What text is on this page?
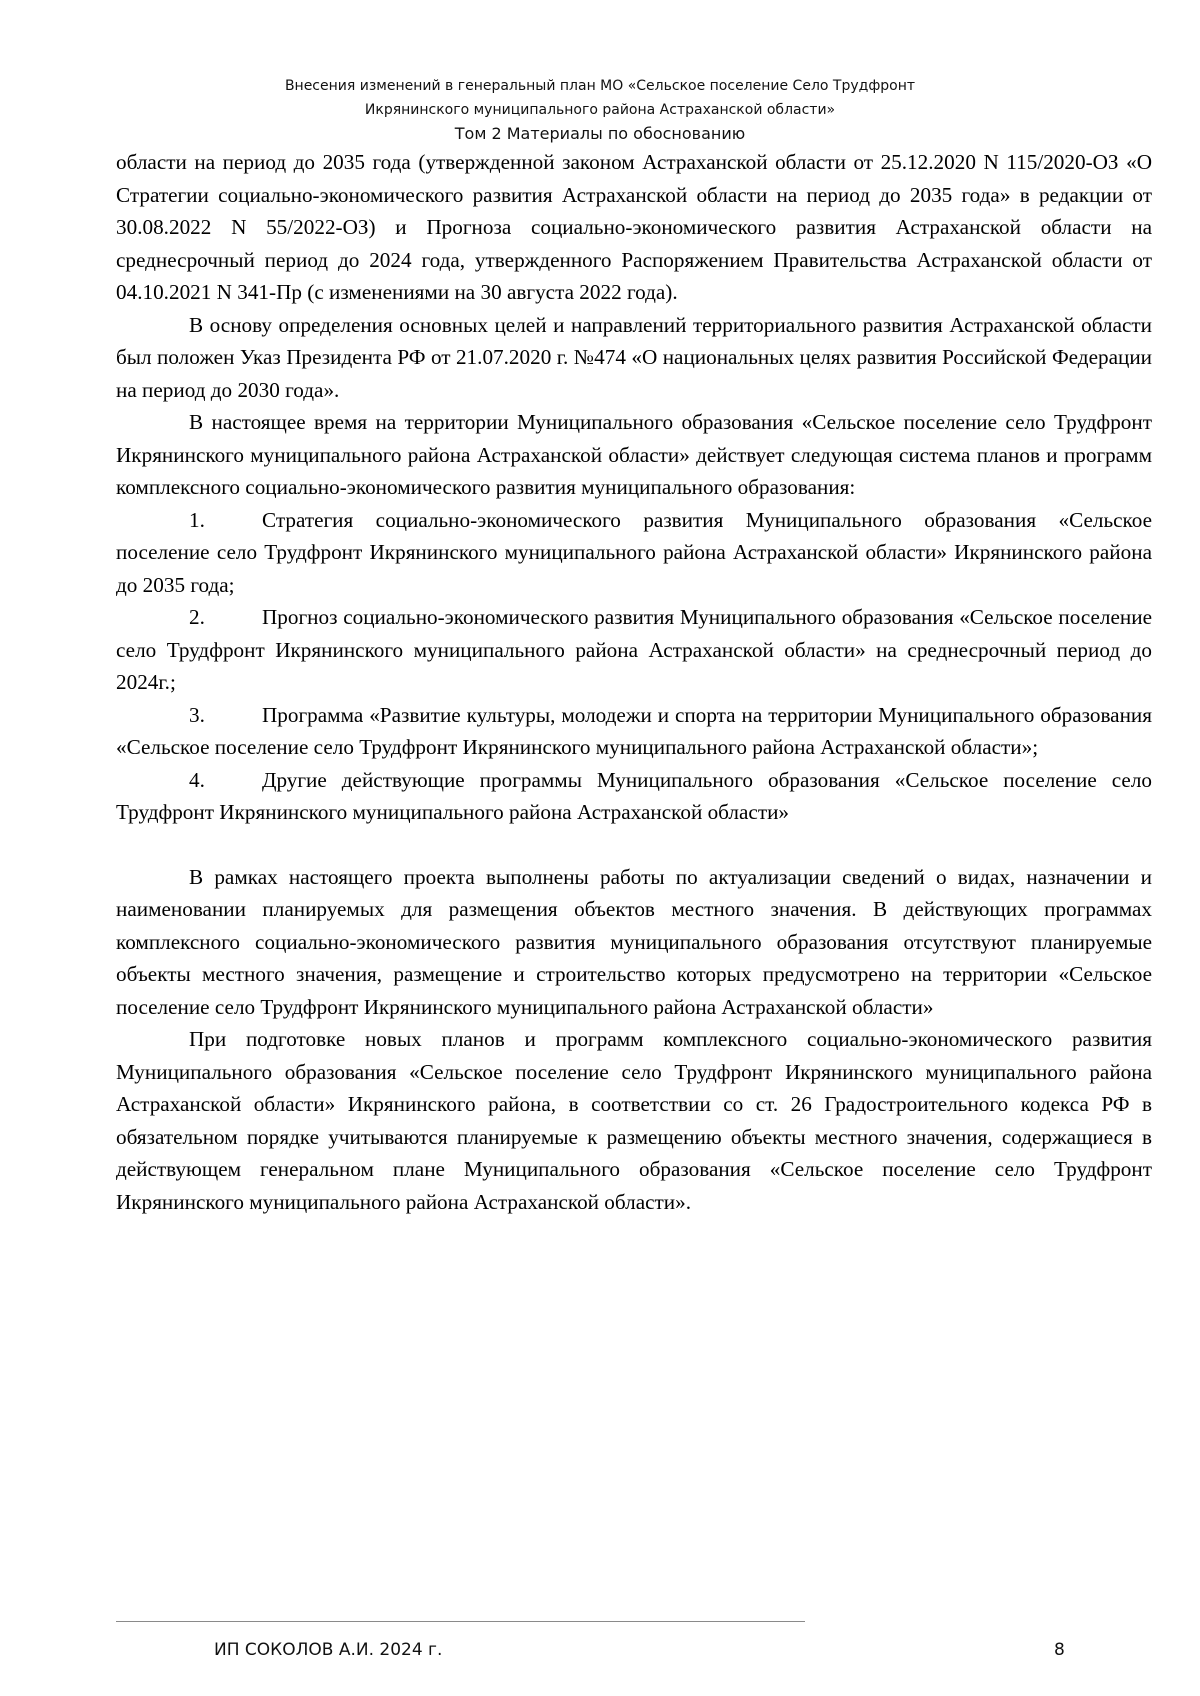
Внесения изменений в генеральный план МО «Сельское поселение Село Трудфронт
Икрянинского муниципального района Астраханской области»
Том 2 Материалы по обоснованию

области на период до 2035 года (утвержденной законом Астраханской области от 25.12.2020 N 115/2020-ОЗ «О Стратегии социально-экономического развития Астраханской области на период до 2035 года» в редакции от 30.08.2022 N 55/2022-ОЗ) и Прогноза социально-экономического развития Астраханской области на среднесрочный период до 2024 года, утвержденного Распоряжением Правительства Астраханской области от 04.10.2021 N 341-Пр (с изменениями на 30 августа 2022 года).

В основу определения основных целей и направлений территориального развития Астраханской области был положен Указ Президента РФ от 21.07.2020 г. №474 «О национальных целях развития Российской Федерации на период до 2030 года».

В настоящее время на территории Муниципального образования «Сельское поселение село Трудфронт Икрянинского муниципального района Астраханской области» действует следующая система планов и программ комплексного социально-экономического развития муниципального образования:

1.	Стратегия социально-экономического развития Муниципального образования «Сельское поселение село Трудфронт Икрянинского муниципального района Астраханской области» Икрянинского района до 2035 года;

2.	Прогноз социально-экономического развития Муниципального образования «Сельское поселение село Трудфронт Икрянинского муниципального района Астраханской области» на среднесрочный период до 2024г.;

3.	Программа «Развитие культуры, молодежи и спорта на территории Муниципального образования «Сельское поселение село Трудфронт Икрянинского муниципального района Астраханской области»;

4.	Другие действующие программы Муниципального образования «Сельское поселение село Трудфронт Икрянинского муниципального района Астраханской области»

В рамках настоящего проекта выполнены работы по актуализации сведений о видах, назначении и наименовании планируемых для размещения объектов местного значения. В действующих программах комплексного социально-экономического развития муниципального образования отсутствуют планируемые объекты местного значения, размещение и строительство которых предусмотрено на территории «Сельское поселение село Трудфронт Икрянинского муниципального района Астраханской области»

При подготовке новых планов и программ комплексного социально-экономического развития Муниципального образования «Сельское поселение село Трудфронт Икрянинского муниципального района Астраханской области» Икрянинского района, в соответствии со ст. 26 Градостроительного кодекса РФ в обязательном порядке учитываются планируемые к размещению объекты местного значения, содержащиеся в действующем генеральном плане Муниципального образования «Сельское поселение село Трудфронт Икрянинского муниципального района Астраханской области».

ИП СОКОЛОВ А.И. 2024 г.	8
